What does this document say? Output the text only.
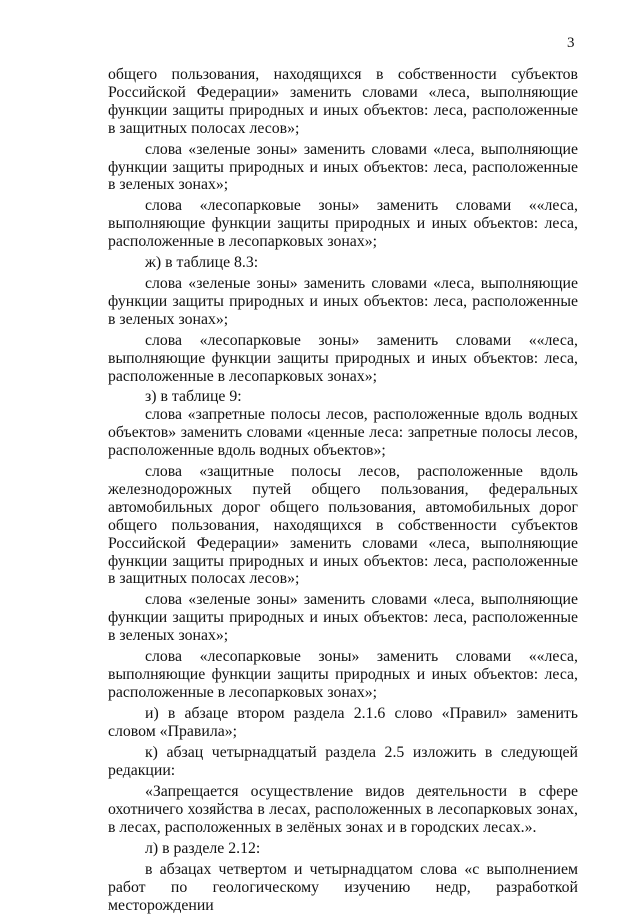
3

общего пользования, находящихся в собственности субъектов Российской Федерации» заменить словами «леса, выполняющие функции защиты природных и иных объектов: леса, расположенные в защитных полосах лесов»;

слова «зеленые зоны» заменить словами «леса, выполняющие функции защиты природных и иных объектов: леса, расположенные в зеленых зонах»;

слова «лесопарковые зоны» заменить словами ««леса, выполняющие функции защиты природных и иных объектов: леса, расположенные в лесопарковых зонах»;

ж) в таблице 8.3:

слова «зеленые зоны» заменить словами «леса, выполняющие функции защиты природных и иных объектов: леса, расположенные в зеленых зонах»;

слова «лесопарковые зоны» заменить словами ««леса, выполняющие функции защиты природных и иных объектов: леса, расположенные в лесопарковых зонах»;

з) в таблице 9:

слова «запретные полосы лесов, расположенные вдоль водных объектов» заменить словами «ценные леса: запретные полосы лесов, расположенные вдоль водных объектов»;

слова «защитные полосы лесов, расположенные вдоль железнодорожных путей общего пользования, федеральных автомобильных дорог общего пользования, автомобильных дорог общего пользования, находящихся в собственности субъектов Российской Федерации» заменить словами «леса, выполняющие функции защиты природных и иных объектов: леса, расположенные в защитных полосах лесов»;

слова «зеленые зоны» заменить словами «леса, выполняющие функции защиты природных и иных объектов: леса, расположенные в зеленых зонах»;

слова «лесопарковые зоны» заменить словами ««леса, выполняющие функции защиты природных и иных объектов: леса, расположенные в лесопарковых зонах»;

и) в абзаце втором раздела 2.1.6 слово «Правил» заменить словом «Правила»;

к) абзац четырнадцатый раздела 2.5 изложить в следующей редакции:

«Запрещается осуществление видов деятельности в сфере охотничего хозяйства в лесах, расположенных в лесопарковых зонах, в лесах, расположенных в зелёных зонах и в городских лесах.».

л) в разделе 2.12:

в абзацах четвертом и четырнадцатом слова «с выполнением работ по геологическому изучению недр, разработкой месторождении
